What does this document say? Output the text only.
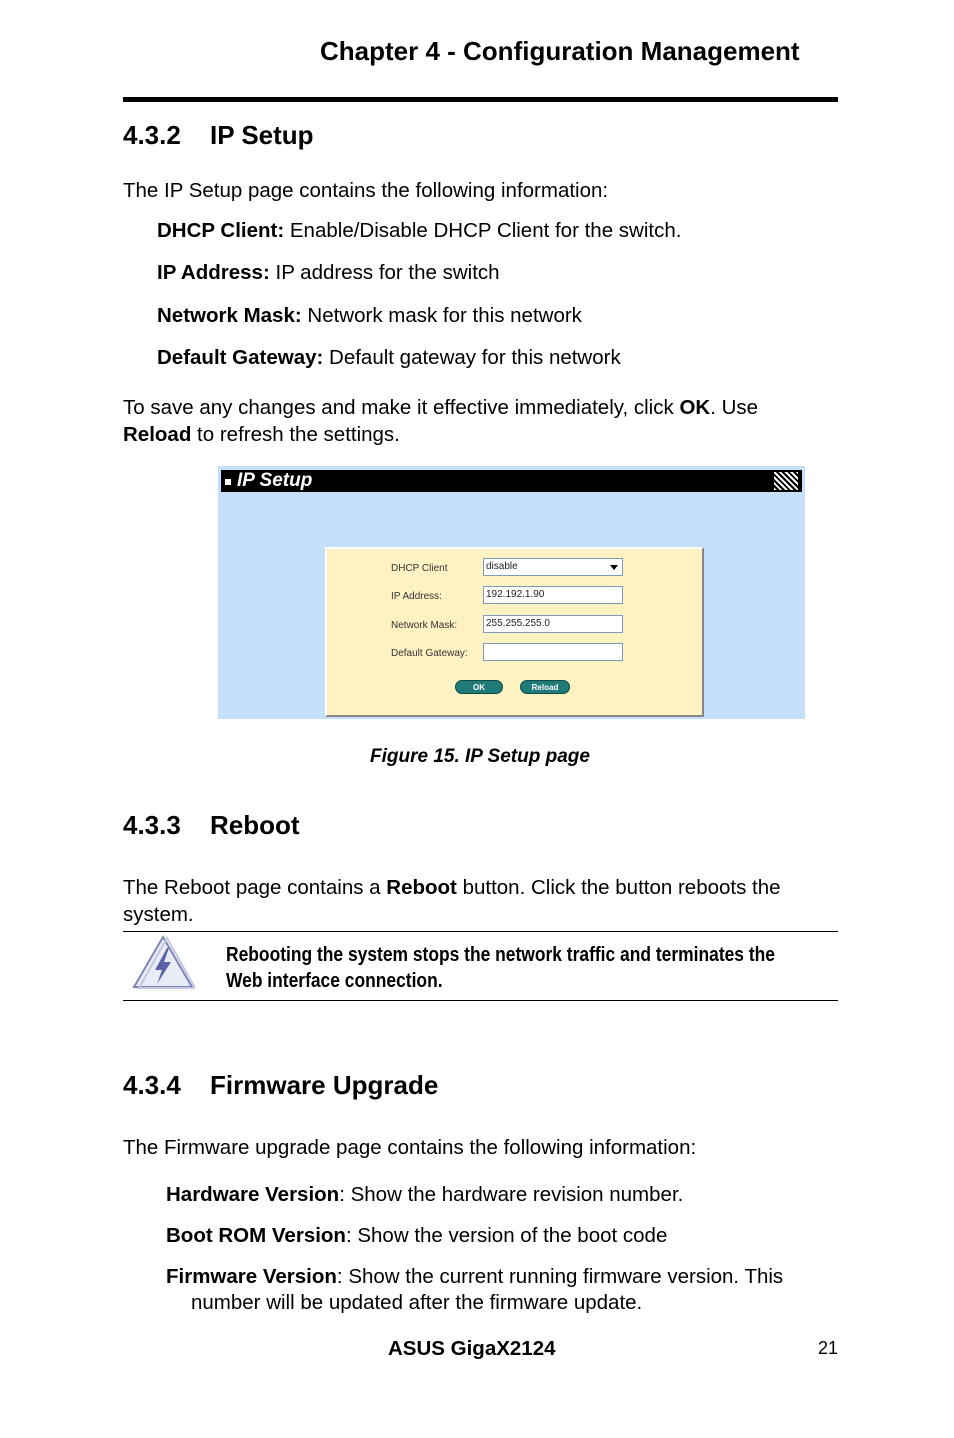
Chapter 4 - Configuration Management
4.3.2 IP Setup
The IP Setup page contains the following information:
DHCP Client: Enable/Disable DHCP Client for the switch.
IP Address: IP address for the switch
Network Mask: Network mask for this network
Default Gateway: Default gateway for this network
To save any changes and make it effective immediately, click OK. Use
Reload to refresh the settings.
IP Setup
DHCP Client	disable
IP Address:	192.192.1.90
Network Mask:	255.255.255.0
Default Gateway:
OK	Reload
Figure 15. IP Setup page
4.3.3 Reboot
The Reboot page contains a Reboot button. Click the button reboots the
system.
Rebooting the system stops the network traffic and terminates the
Web interface connection.
4.3.4 Firmware Upgrade
The Firmware upgrade page contains the following information:
Hardware Version: Show the hardware revision number.
Boot ROM Version: Show the version of the boot code
Firmware Version: Show the current running firmware version. This
number will be updated after the firmware update.
ASUS GigaX2124	21
